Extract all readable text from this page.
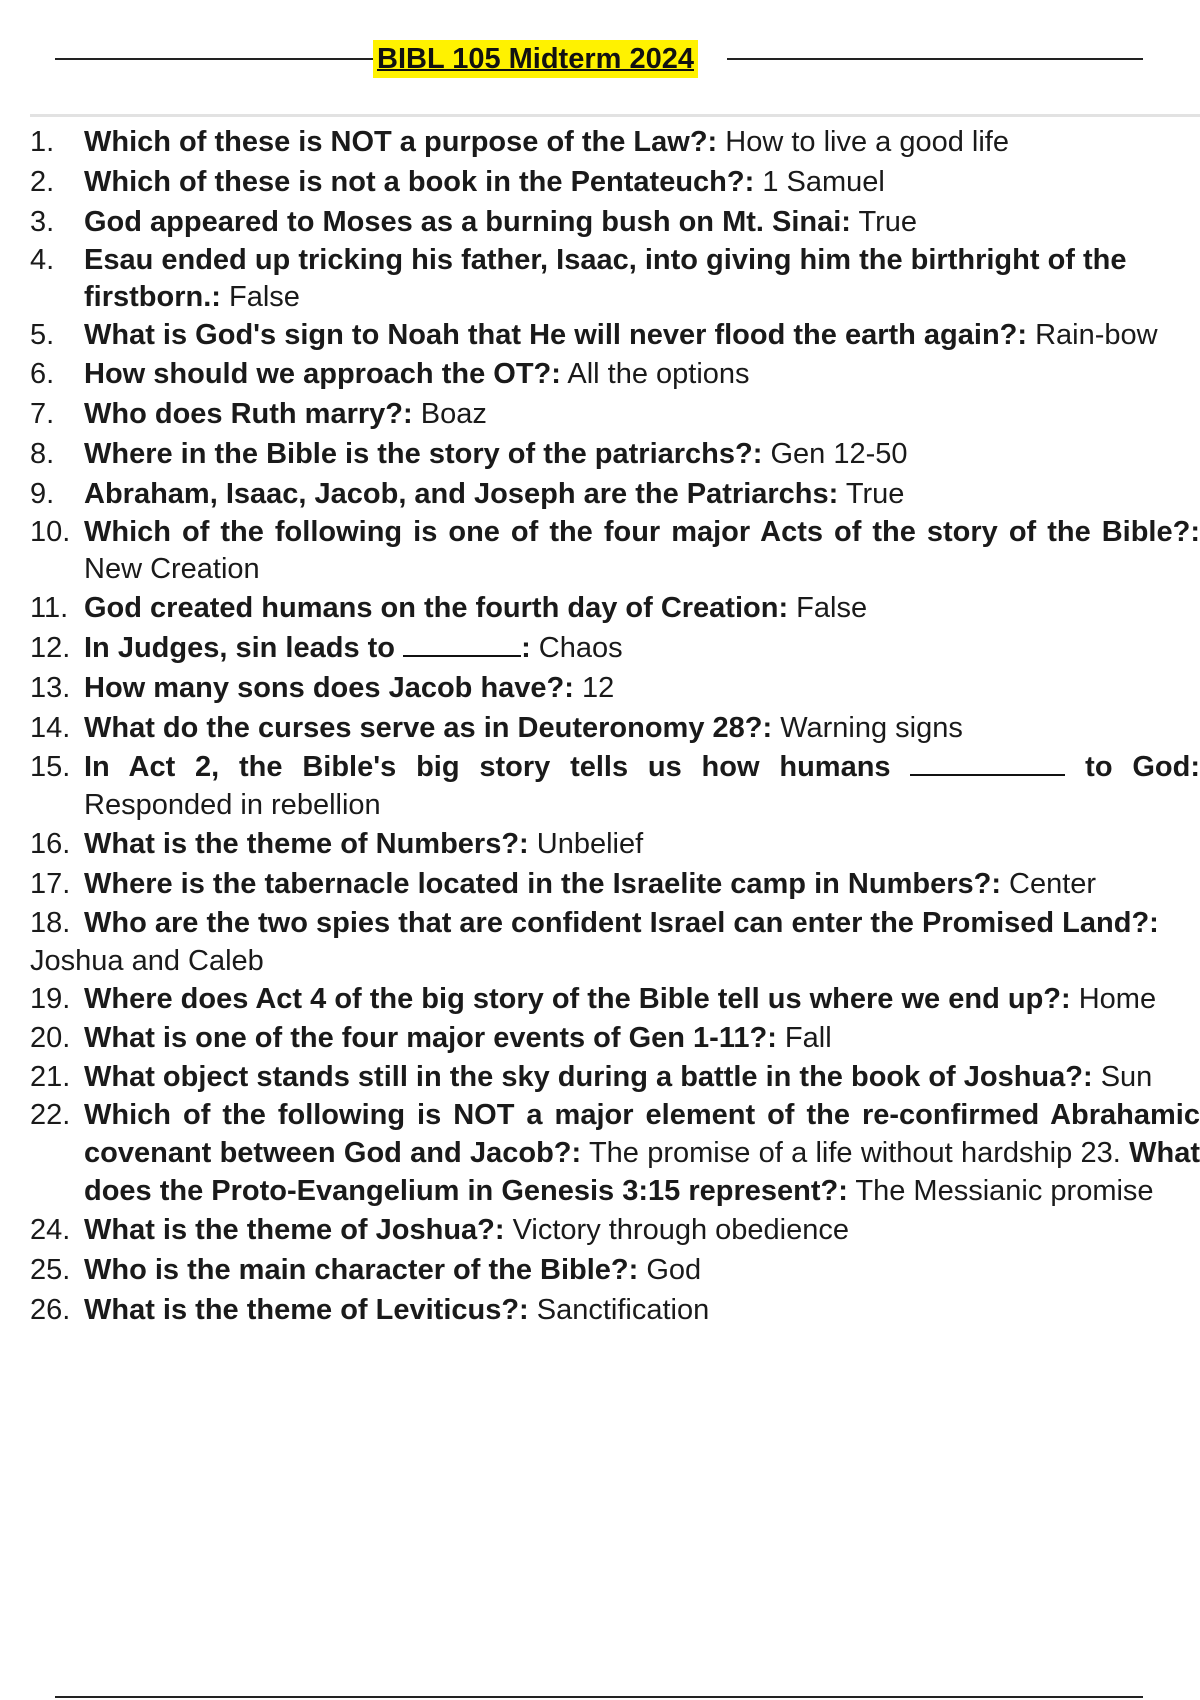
BIBL 105 Midterm 2024
1.	Which of these is NOT a purpose of the Law?: How to live a good life
2.	Which of these is not a book in the Pentateuch?: 1 Samuel
3.	God appeared to Moses as a burning bush on Mt. Sinai: True
4.	Esau ended up tricking his father, Isaac, into giving him the birthright of the firstborn.: False
5. What is God's sign to Noah that He will never flood the earth again?: Rain-bow
6.	How should we approach the OT?: All the options
7.	Who does Ruth marry?: Boaz
8.	Where in the Bible is the story of the patriarchs?: Gen 12-50
9.	Abraham, Isaac, Jacob, and Joseph are the Patriarchs: True
10. Which of the following is one of the four major Acts of the story of the Bible?: New Creation
11. God created humans on the fourth day of Creation: False
12. In Judges, sin leads to	: Chaos
13. How many sons does Jacob have?: 12
14. What do the curses serve as in Deuteronomy 28?: Warning signs
15. In Act 2, the Bible's big story tells us how humans	to God: Responded in rebellion
16. What is the theme of Numbers?: Unbelief
17. Where is the tabernacle located in the Israelite camp in Numbers?: Center
18. Who are the two spies that are confident Israel can enter the Promised Land?: Joshua and Caleb
19. Where does Act 4 of the big story of the Bible tell us where we end up?: Home
20. What is one of the four major events of Gen 1-11?: Fall
21. What object stands still in the sky during a battle in the book of Joshua?: Sun
22. Which of the following is NOT a major element of the re-confirmed Abrahamic covenant between God and Jacob?: The promise of a life without hardship 23. What does the Proto-Evangelium in Genesis 3:15 represent?: The Messianic promise
24. What is the theme of Joshua?: Victory through obedience
25. Who is the main character of the Bible?: God
26. What is the theme of Leviticus?: Sanctification
